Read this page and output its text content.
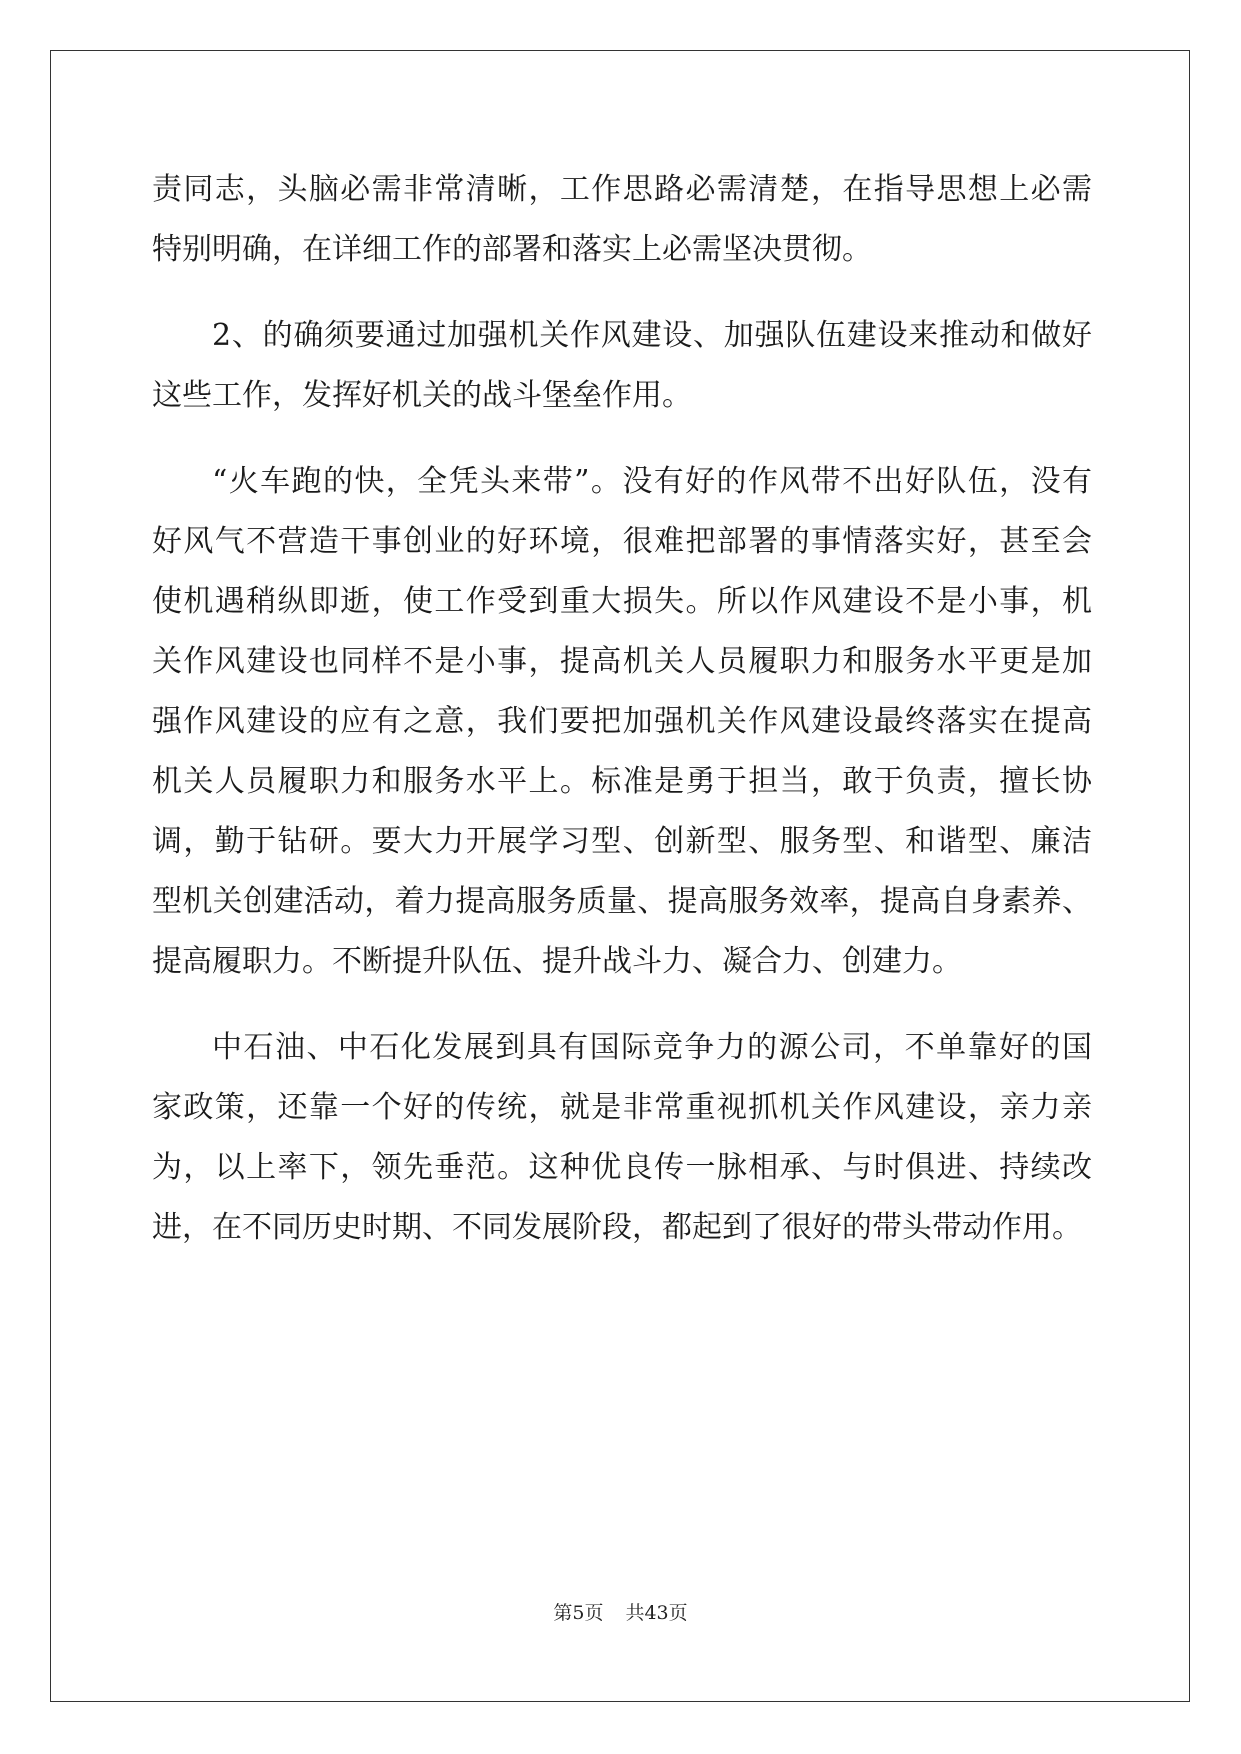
责同志，头脑必需非常清晰，工作思路必需清楚，在指导思想上必需
特别明确，在详细工作的部署和落实上必需坚决贯彻。
2、的确须要通过加强机关作风建设、加强队伍建设来推动和做好
这些工作，发挥好机关的战斗堡垒作用。
“火车跑的快，全凭头来带”。没有好的作风带不出好队伍，没有
好风气不营造干事创业的好环境，很难把部署的事情落实好，甚至会
使机遇稍纵即逝，使工作受到重大损失。所以作风建设不是小事，机
关作风建设也同样不是小事，提高机关人员履职力和服务水平更是加
强作风建设的应有之意，我们要把加强机关作风建设最终落实在提高
机关人员履职力和服务水平上。标准是勇于担当，敢于负责，擅长协
调，勤于钻研。要大力开展学习型、创新型、服务型、和谐型、廉洁
型机关创建活动，着力提高服务质量、提高服务效率，提高自身素养、
提高履职力。不断提升队伍、提升战斗力、凝合力、创建力。
中石油、中石化发展到具有国际竞争力的源公司，不单靠好的国
家政策，还靠一个好的传统，就是非常重视抓机关作风建设，亲力亲
为，以上率下，领先垂范。这种优良传一脉相承、与时俱进、持续改
进，在不同历史时期、不同发展阶段，都起到了很好的带头带动作用。
第5页 共43页
